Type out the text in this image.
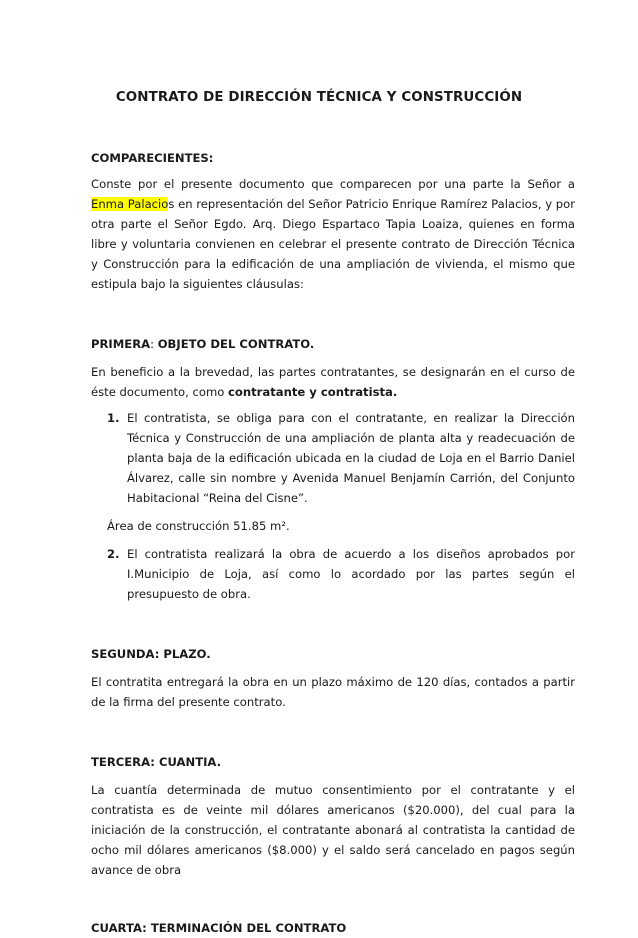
CONTRATO DE DIRECCIÓN TÉCNICA Y CONSTRUCCIÓN

COMPARECIENTES:

Conste por el presente documento que comparecen por una parte la Señor a Enma Palacios en representación del Señor Patricio Enrique Ramírez Palacios, y por otra parte el Señor Egdo. Arq. Diego Espartaco Tapia Loaiza, quienes en forma libre y voluntaria convienen en celebrar el presente contrato de Dirección Técnica y Construcción para la edificación de una ampliación de vivienda, el mismo que estipula bajo la siguientes cláusulas:

PRIMERA: OBJETO DEL CONTRATO.

En beneficio a la brevedad, las partes contratantes, se designarán en el curso de éste documento, como contratante y contratista.

1. El contratista, se obliga para con el contratante, en realizar la Dirección Técnica y Construcción de una ampliación de planta alta y readecuación de planta baja de la edificación ubicada en la ciudad de Loja en el Barrio Daniel Álvarez, calle sin nombre y Avenida Manuel Benjamín Carrión, del Conjunto Habitacional “Reina del Cisne”.

Área de construcción 51.85 m².

2. El contratista realizará la obra de acuerdo a los diseños aprobados por I.Municipio de Loja, así como lo acordado por las partes según el presupuesto de obra.

SEGUNDA: PLAZO.

El contratita entregará la obra en un plazo máximo de 120 días, contados a partir de la firma del presente contrato.

TERCERA: CUANTIA.

La cuantía determinada de mutuo consentimiento por el contratante y el contratista es de veinte mil dólares americanos ($20.000), del cual para la iniciación de la construcción, el contratante abonará al contratista la cantidad de ocho mil dólares americanos ($8.000) y el saldo será cancelado en pagos según avance de obra

CUARTA: TERMINACIÓN DEL CONTRATO
